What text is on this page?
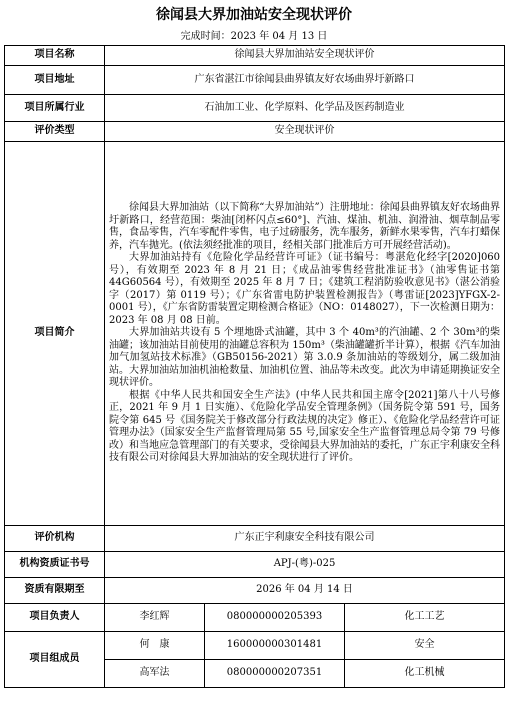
徐闻县大界加油站安全现状评价
完成时间：2023 年 04 月 13 日
项目名称	徐闻县大界加油站安全现状评价		
项目地址	广东省湛江市徐闻县曲界镇友好农场曲界圩新路口		
项目所属行业	石油加工业、化学原料、化学品及医药制造业		
评价类型	安全现状评价		
项目简介	徐闻县大界加油站（以下简称“大界加油站”）注册地址：徐闻县曲界镇友好农场曲界圩新路口，经营范围：柴油[闭杯闪点≤60°]、汽油、煤油、机油、润滑油、烟草制品零售，食品零售，汽车零配件零售，电子过磅服务，洗车服务，新鲜水果零售，汽车打蜡保养，汽车抛光。(依法须经批准的项目，经相关部门批准后方可开展经营活动)。

大界加油站持有《危险化学品经营许可证》（证书编号：粤湛危化经字[2020]060 号），有效期至 2023 年 8 月 21 日；《成品油零售经营批准证书》（油零售证书第 44G60564 号），有效期至 2025 年 8 月 7 日；《建筑工程消防验收意见书》（湛公消验字（2017）第 0119 号）；《广东省雷电防护装置检测报告》（粤雷证[2023]YFGX-2-0001 号），《广东省防雷装置定期检测合格证》（NO：0148027），下一次检测日期为：2023 年 08 月 08 日前。

大界加油站共设有 5 个埋地卧式油罐，其中 3 个 40m³的汽油罐、2 个 30m³的柴油罐；该加油站目前使用的油罐总容积为 150m³（柴油罐罐折半计算），根据《汽车加油加气加氢站技术标准》（GB50156-2021）第 3.0.9 条加油站的等级划分，属二级加油站。大界加油站加油机油枪数量、加油机位置、油品等未改变。此次为申请延期换证安全现状评价。

根据《中华人民共和国安全生产法》(中华人民共和国主席令[2021]第八十八号修正，2021 年 9 月 1 日实施）、《危险化学品安全管理条例》（国务院令第 591 号，国务院令第 645 号《国务院关于修改部分行政法规的决定》修正）、《危险化学品经营许可证管理办法》（国家安全生产监督管理局第 55 号,国家安全生产监督管理总局令第 79 号修改）和当地应急管理部门的有关要求，受徐闻县大界加油站的委托，广东正宇利康安全科技有限公司对徐闻县大界加油站的安全现状进行了评价。		

评价机构	广东正宇利康安全科技有限公司		
机构资质证书号	APJ-(粤)-025		
资质有限期至	2026 年 04 月 14 日		
项目负责人	李红辉	080000000205393	化工工艺
项目组成员	何　康	160000000301481	安全
	高军法	080000000207351	化工机械
